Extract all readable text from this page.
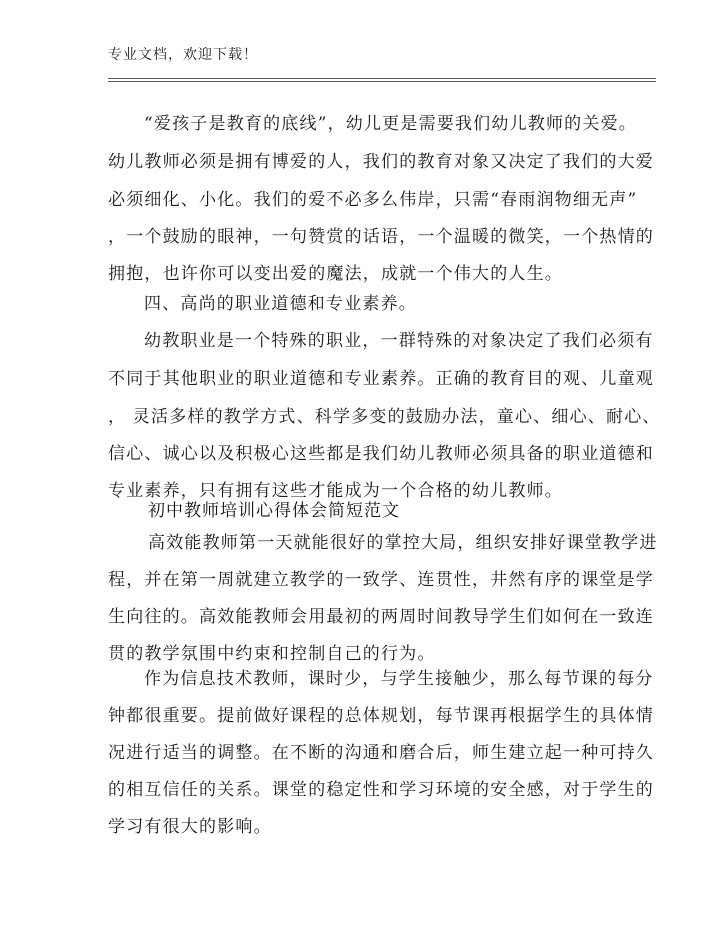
专业文档，欢迎下载！
“爱孩子是教育的底线”，幼儿更是需要我们幼儿教师的关爱。
幼儿教师必须是拥有博爱的人，我们的教育对象又决定了我们的大爱
必须细化、小化。我们的爱不必多么伟岸，只需“春雨润物细无声”
，一个鼓励的眼神，一句赞赏的话语，一个温暖的微笑，一个热情的
拥抱，也许你可以变出爱的魔法，成就一个伟大的人生。
四、高尚的职业道德和专业素养。
幼教职业是一个特殊的职业，一群特殊的对象决定了我们必须有
不同于其他职业的职业道德和专业素养。正确的教育目的观、儿童观
， 灵活多样的教学方式、科学多变的鼓励办法，童心、细心、耐心、
信心、诚心以及积极心这些都是我们幼儿教师必须具备的职业道德和
专业素养，只有拥有这些才能成为一个合格的幼儿教师。
初中教师培训心得体会简短范文
高效能教师第一天就能很好的掌控大局，组织安排好课堂教学进
程，并在第一周就建立教学的一致学、连贯性，井然有序的课堂是学
生向往的。高效能教师会用最初的两周时间教导学生们如何在一致连
贯的教学氛围中约束和控制自己的行为。
作为信息技术教师，课时少，与学生接触少，那么每节课的每分
钟都很重要。提前做好课程的总体规划，每节课再根据学生的具体情
况进行适当的调整。在不断的沟通和磨合后，师生建立起一种可持久
的相互信任的关系。课堂的稳定性和学习环境的安全感，对于学生的
学习有很大的影响。
